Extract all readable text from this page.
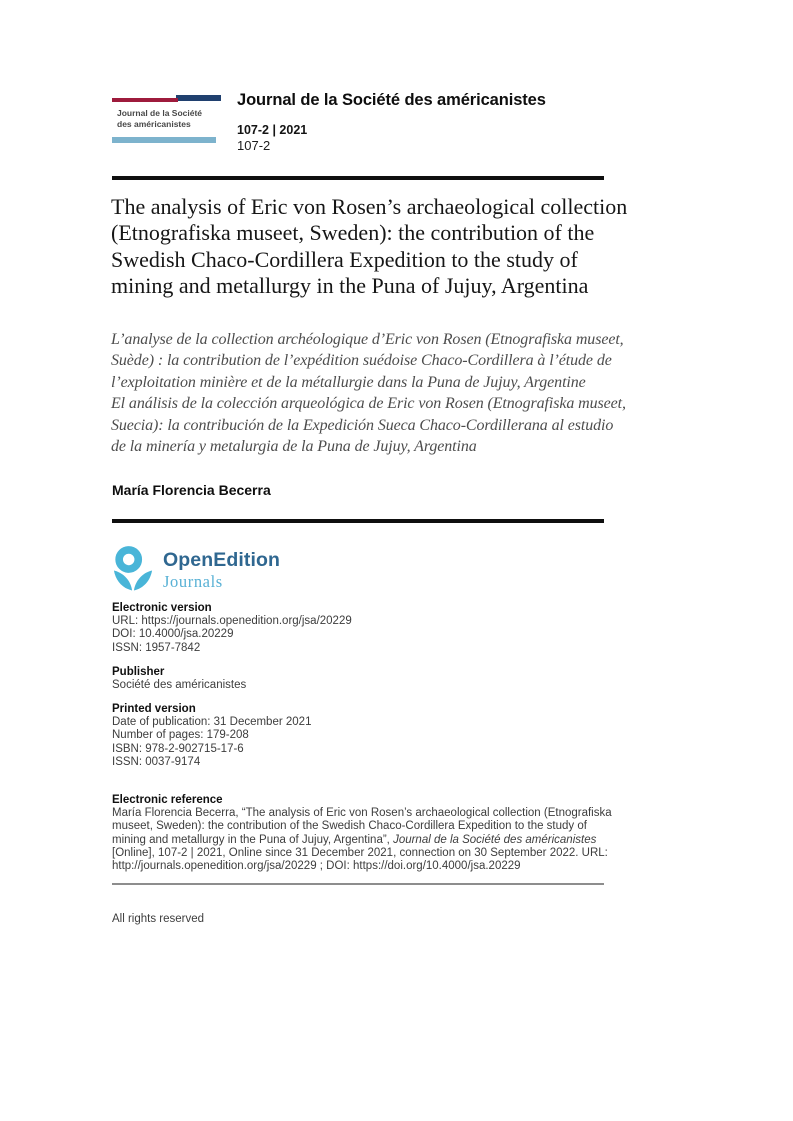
Journal de la Société
des américanistes
Journal de la Société des américanistes
107-2 | 2021
107-2
The analysis of Eric von Rosen’s archaeological collection (Etnografiska museet, Sweden): the contribution of the Swedish Chaco-Cordillera Expedition to the study of mining and metallurgy in the Puna of Jujuy, Argentina

L’analyse de la collection archéologique d’Eric von Rosen (Etnografiska museet, Suède) : la contribution de l’expédition suédoise Chaco-Cordillera à l’étude de l’exploitation minière et de la métallurgie dans la Puna de Jujuy, Argentine

El análisis de la colección arqueológica de Eric von Rosen (Etnografiska museet, Suecia): la contribución de la Expedición Sueca Chaco-Cordillerana al estudio de la minería y metalurgia de la Puna de Jujuy, Argentina

María Florencia Becerra
OpenEdition
Journals
Electronic version
URL: https://journals.openedition.org/jsa/20229
DOI: 10.4000/jsa.20229
ISSN: 1957-7842
Publisher
Société des américanistes
Printed version
Date of publication: 31 December 2021
Number of pages: 179-208
ISBN: 978-2-902715-17-6
ISSN: 0037-9174
Electronic reference

María Florencia Becerra, “The analysis of Eric von Rosen’s archaeological collection (Etnografiska museet, Sweden): the contribution of the Swedish Chaco-Cordillera Expedition to the study of mining and metallurgy in the Puna of Jujuy, Argentina”, Journal de la Société des américanistes [Online], 107-2 | 2021, Online since 31 December 2021, connection on 30 September 2022. URL: http://journals.openedition.org/jsa/20229 ; DOI: https://doi.org/10.4000/jsa.20229

All rights reserved
